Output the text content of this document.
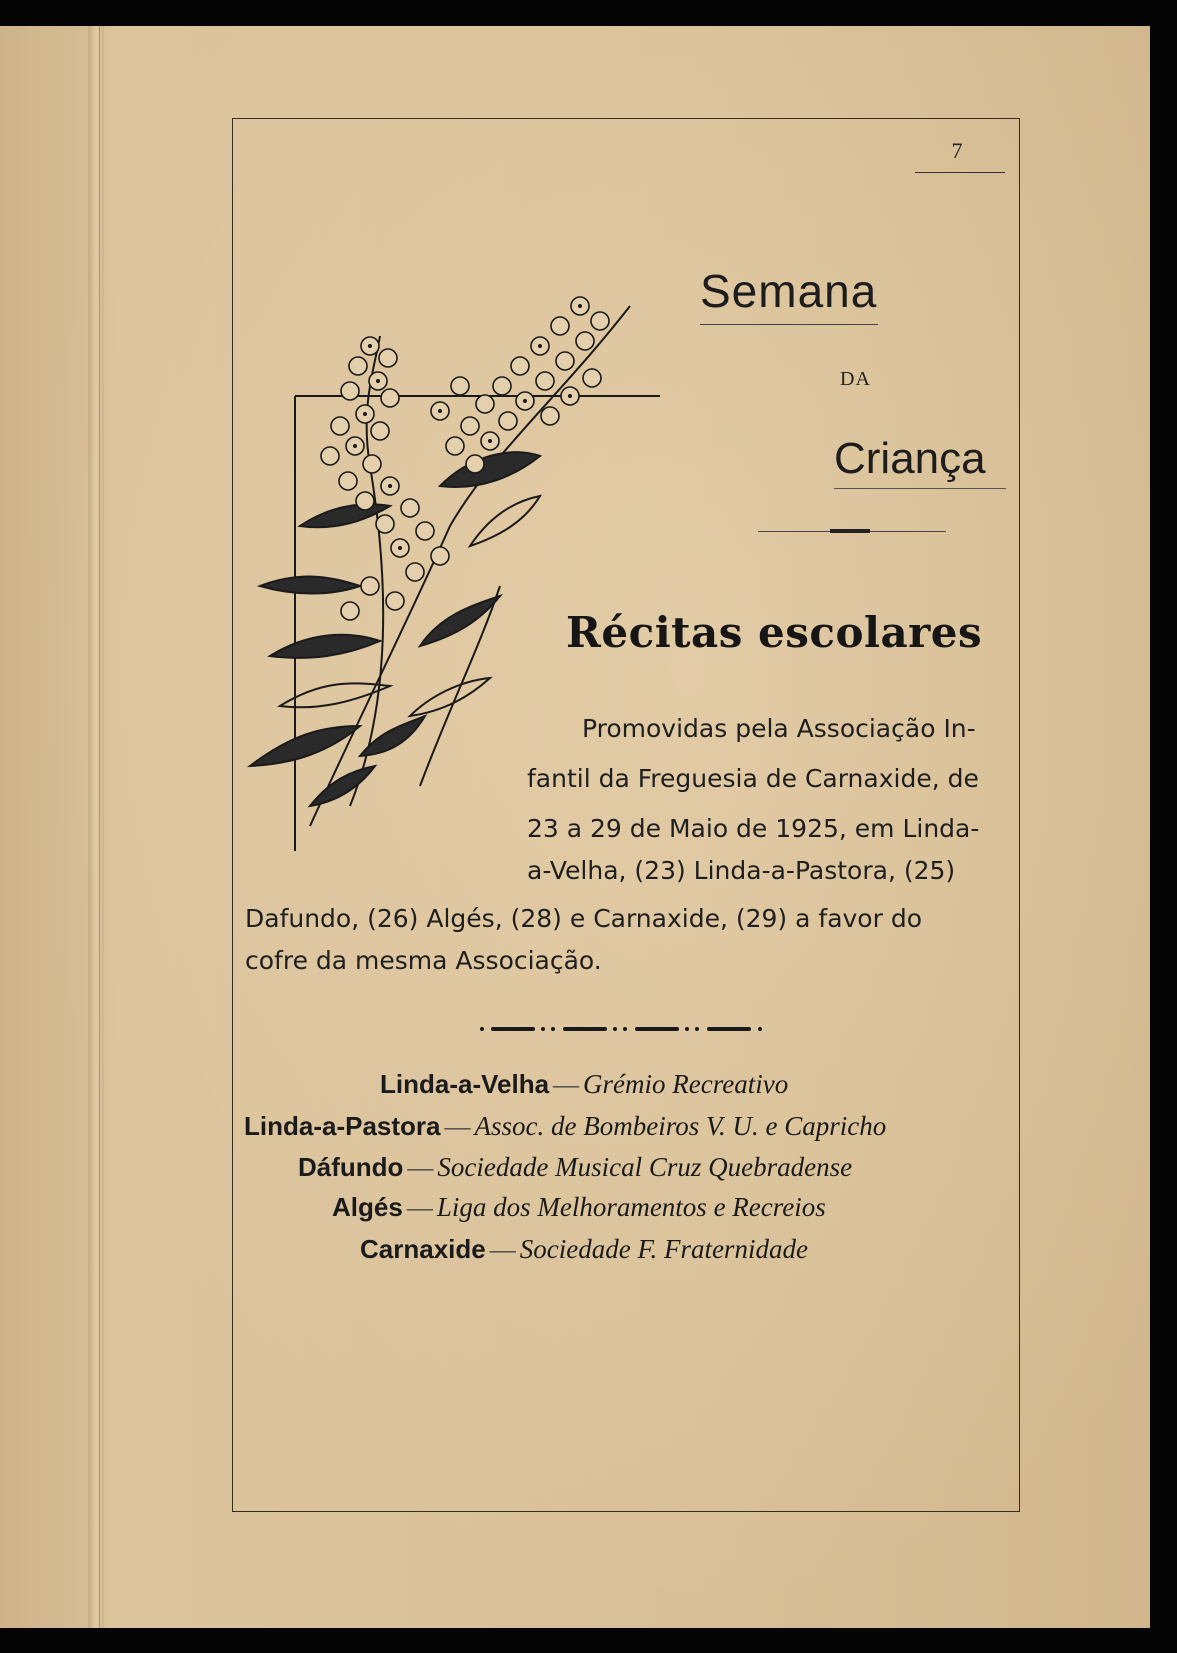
7
Semana
DA
Criança
Récitas escolares
Promovidas pela Associação In-
fantil da Freguesia de Carnaxide, de
23 a 29 de Maio de 1925, em Linda-
a-Velha, (23) Linda-a-Pastora, (25)
Dafundo, (26) Algés, (28) e Carnaxide, (29) a favor do
cofre da mesma Associação.
Linda-a-Velha — Grémio Recreativo
Linda-a-Pastora — Assoc. de Bombeiros V. U. e Capricho
Dáfundo — Sociedade Musical Cruz Quebradense
Algés — Liga dos Melhoramentos e Recreios
Carnaxide — Sociedade F. Fraternidade
